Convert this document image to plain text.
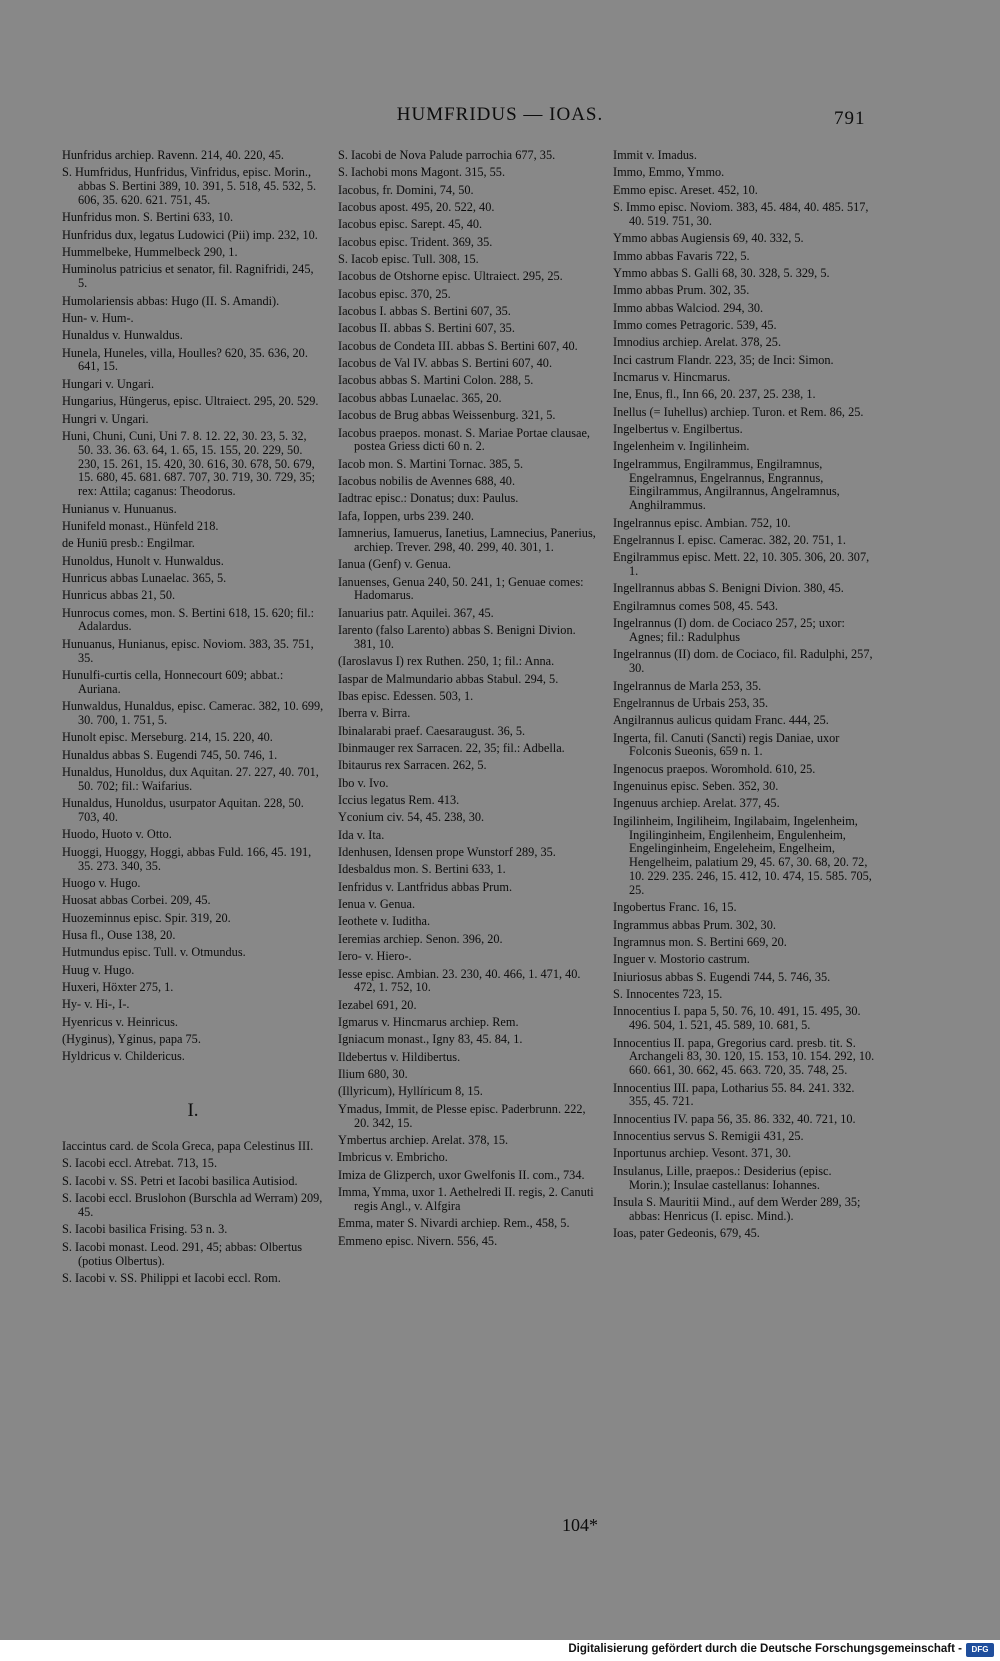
HUMFRIDUS — IOAS.	791
Hunfridus archiep. Ravenn. 214, 40. 220, 45.
S. Humfridus, Hunfridus, Vinfridus, episc. Morin., abbas S. Bertini 389, 10. 391, 5. 518, 45. 532, 5. 606, 35. 620. 621. 751, 45.
Hunfridus mon. S. Bertini 633, 10.
Hunfridus dux, legatus Ludowici (Pii) imp. 232, 10.
Hummelbeke, Hummelbeck 290, 1.
Huminolus patricius et senator, fil. Ragnifridi, 245, 5.
Humolariensis abbas: Hugo (II. S. Amandi).
Hun- v. Hum-.
Hunaldus v. Hunwaldus.
Hunela, Huneles, villa, Houlles? 620, 35. 636, 20. 641, 15.
Hungari v. Ungari.
Hungarius, Hüngerus, episc. Ultraiect. 295, 20. 529.
Hungri v. Ungari.
Huni, Chuni, Cuni, Uni 7. 8. 12. 22, 30. 23, 5. 32, 50. 33. 36. 63. 64, 1. 65, 15. 155, 20. 229, 50. 230, 15. 261, 15. 420, 30. 616, 30. 678, 50. 679, 15. 680, 45. 681. 687. 707, 30. 719, 30. 729, 35; rex: Attila; caganus: Theodorus.
Hunianus v. Hunuanus.
Hunifeld monast., Hünfeld 218.
de Huniū presb.: Engilmar.
Hunoldus, Hunolt v. Hunwaldus.
Hunricus abbas Lunaelac. 365, 5.
Hunricus abbas 21, 50.
Hunrocus comes, mon. S. Bertini 618, 15. 620; fil.: Adalardus.
Hunuanus, Hunianus, episc. Noviom. 383, 35. 751, 35.
Hunulfi-curtis cella, Honnecourt 609; abbat.: Auriana.
Hunwaldus, Hunaldus, episc. Camerac. 382, 10. 699, 30. 700, 1. 751, 5.
Hunolt episc. Merseburg. 214, 15. 220, 40.
Hunaldus abbas S. Eugendi 745, 50. 746, 1.
Hunaldus, Hunoldus, dux Aquitan. 27. 227, 40. 701, 50. 702; fil.: Waifarius.
Hunaldus, Hunoldus, usurpator Aquitan. 228, 50. 703, 40.
Huodo, Huoto v. Otto.
Huoggi, Huoggy, Hoggi, abbas Fuld. 166, 45. 191, 35. 273. 340, 35.
Huogo v. Hugo.
Huosat abbas Corbei. 209, 45.
Huozeminnus episc. Spir. 319, 20.
Husa fl., Ouse 138, 20.
Hutmundus episc. Tull. v. Otmundus.
Huug v. Hugo.
Huxeri, Höxter 275, 1.
Hy- v. Hi-, I-.
Hyenricus v. Heinricus.
(Hyginus), Yginus, papa 75.
Hyldricus v. Childericus.
I.
Iaccintus card. de Scola Greca, papa Celestinus III.
S. Iacobi eccl. Atrebat. 713, 15.
S. Iacobi v. SS. Petri et Iacobi basilica Autisiod.
S. Iacobi eccl. Bruslohon (Burschla ad Werram) 209, 45.
S. Iacobi basilica Frising. 53 n. 3.
S. Iacobi monast. Leod. 291, 45; abbas: Olbertus (potius Olbertus).
S. Iacobi v. SS. Philippi et Iacobi eccl. Rom.
S. Iacobi de Nova Palude parrochia 677, 35.
S. Iachobi mons Magont. 315, 55.
Iacobus, fr. Domini, 74, 50.
Iacobus apost. 495, 20. 522, 40.
Iacobus episc. Sarept. 45, 40.
Iacobus episc. Trident. 369, 35.
S. Iacob episc. Tull. 308, 15.
Iacobus de Otshorne episc. Ultraiect. 295, 25.
Iacobus episc. 370, 25.
Iacobus I. abbas S. Bertini 607, 35.
Iacobus II. abbas S. Bertini 607, 35.
Iacobus de Condeta III. abbas S. Bertini 607, 40.
Iacobus de Val IV. abbas S. Bertini 607, 40.
Iacobus abbas S. Martini Colon. 288, 5.
Iacobus abbas Lunaelac. 365, 20.
Iacobus de Brug abbas Weissenburg. 321, 5.
Iacobus praepos. monast. S. Mariae Portae clausae, postea Griess dicti 60 n. 2.
Iacob mon. S. Martini Tornac. 385, 5.
Iacobus nobilis de Avennes 688, 40.
Iadtrac episc.: Donatus; dux: Paulus.
Iafa, Ioppen, urbs 239. 240.
Iamnerius, Iamuerus, Ianetius, Lamnecius, Panerius, archiep. Trever. 298, 40. 299, 40. 301, 1.
Ianua (Genf) v. Genua.
Ianuenses, Genua 240, 50. 241, 1; Genuae comes: Hadomarus.
Ianuarius patr. Aquilei. 367, 45.
Iarento (falso Larento) abbas S. Benigni Divion. 381, 10.
(Iaroslavus I) rex Ruthen. 250, 1; fil.: Anna.
Iaspar de Malmundario abbas Stabul. 294, 5.
Ibas episc. Edessen. 503, 1.
Iberra v. Birra.
Ibinalarabi praef. Caesaraugust. 36, 5.
Ibinmauger rex Sarracen. 22, 35; fil.: Adbella.
Ibitaurus rex Sarracen. 262, 5.
Ibo v. Ivo.
Iccius legatus Rem. 413.
Yconium civ. 54, 45. 238, 30.
Ida v. Ita.
Idenhusen, Idensen prope Wunstorf 289, 35.
Idesbaldus mon. S. Bertini 633, 1.
Ienfridus v. Lantfridus abbas Prum.
Ienua v. Genua.
Ieothete v. Iuditha.
Ieremias archiep. Senon. 396, 20.
Iero- v. Hiero-.
Iesse episc. Ambian. 23. 230, 40. 466, 1. 471, 40. 472, 1. 752, 10.
Iezabel 691, 20.
Igmarus v. Hincmarus archiep. Rem.
Igniacum monast., Igny 83, 45. 84, 1.
Ildebertus v. Hildibertus.
Ilium 680, 30.
(Illyricum), Hyllíricum 8, 15.
Ymadus, Immit, de Plesse episc. Paderbrunn. 222, 20. 342, 15.
Ymbertus archiep. Arelat. 378, 15.
Imbricus v. Embricho.
Imiza de Glizperch, uxor Gwelfonis II. com., 734.
Imma, Ymma, uxor 1. Aethelredi II. regis, 2. Canuti regis Angl., v. Alfgira
Emma, mater S. Nivardi archiep. Rem., 458, 5.
Emmeno episc. Nivern. 556, 45.
Immit v. Imadus.
Immo, Emmo, Ymmo.
Emmo episc. Areset. 452, 10.
S. Immo episc. Noviom. 383, 45. 484, 40. 485. 517, 40. 519. 751, 30.
Ymmo abbas Augiensis 69, 40. 332, 5.
Immo abbas Favaris 722, 5.
Ymmo abbas S. Galli 68, 30. 328, 5. 329, 5.
Immo abbas Prum. 302, 35.
Immo abbas Walciod. 294, 30.
Immo comes Petragoric. 539, 45.
Imnodius archiep. Arelat. 378, 25.
Inci castrum Flandr. 223, 35; de Inci: Simon.
Incmarus v. Hincmarus.
Ine, Enus, fl., Inn 66, 20. 237, 25. 238, 1.
Inellus (= Iuhellus) archiep. Turon. et Rem. 86, 25.
Ingelbertus v. Engilbertus.
Ingelenheim v. Ingilinheim.
Ingelrammus, Engilrammus, Engilramnus, Engelramnus, Engelrannus, Engrannus, Eingilrammus, Angilrannus, Angelramnus, Anghilrammus.
Ingelrannus episc. Ambian. 752, 10.
Engelrannus I. episc. Camerac. 382, 20. 751, 1.
Engilrammus episc. Mett. 22, 10. 305. 306, 20. 307, 1.
Ingellrannus abbas S. Benigni Divion. 380, 45.
Engilramnus comes 508, 45. 543.
Ingelrannus (I) dom. de Cociaco 257, 25; uxor: Agnes; fil.: Radulphus
Ingelrannus (II) dom. de Cociaco, fil. Radulphi, 257, 30.
Ingelrannus de Marla 253, 35.
Engelrannus de Urbais 253, 35.
Angilrannus aulicus quidam Franc. 444, 25.
Ingerta, fil. Canuti (Sancti) regis Daniae, uxor Folconis Sueonis, 659 n. 1.
Ingenocus praepos. Woromhold. 610, 25.
Ingenuinus episc. Seben. 352, 30.
Ingenuus archiep. Arelat. 377, 45.
Ingilinheim, Ingiliheim, Ingilabaim, Ingelenheim, Ingilinginheim, Engilenheim, Engulenheim, Engelinginheim, Engeleheim, Engelheim, Hengelheim, palatium 29, 45. 67, 30. 68, 20. 72, 10. 229. 235. 246, 15. 412, 10. 474, 15. 585. 705, 25.
Ingobertus Franc. 16, 15.
Ingrammus abbas Prum. 302, 30.
Ingramnus mon. S. Bertini 669, 20.
Inguer v. Mostorio castrum.
Iniuriosus abbas S. Eugendi 744, 5. 746, 35.
S. Innocentes 723, 15.
Innocentius I. papa 5, 50. 76, 10. 491, 15. 495, 30. 496. 504, 1. 521, 45. 589, 10. 681, 5.
Innocentius II. papa, Gregorius card. presb. tit. S. Archangeli 83, 30. 120, 15. 153, 10. 154. 292, 10. 660. 661, 30. 662, 45. 663. 720, 35. 748, 25.
Innocentius III. papa, Lotharius 55. 84. 241. 332. 355, 45. 721.
Innocentius IV. papa 56, 35. 86. 332, 40. 721, 10.
Innocentius servus S. Remigii 431, 25.
Inportunus archiep. Vesont. 371, 30.
Insulanus, Lille, praepos.: Desiderius (episc. Morin.); Insulae castellanus: Iohannes.
Insula S. Mauritii Mind., auf dem Werder 289, 35; abbas: Henricus (I. episc. Mind.).
Ioas, pater Gedeonis, 679, 45.
104*
Digitalisierung gefördert durch die Deutsche Forschungsgemeinschaft -	DFG
